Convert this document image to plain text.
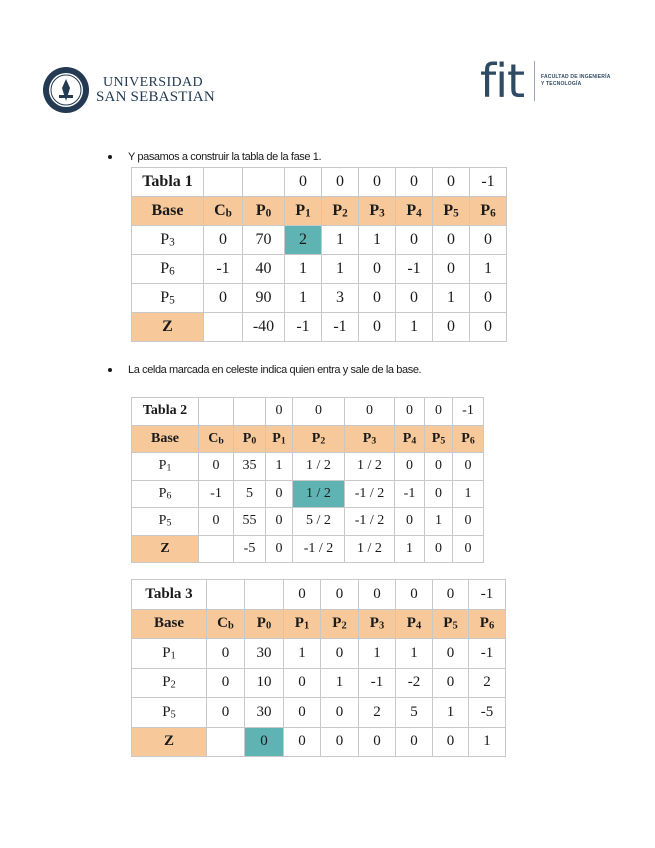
UNIVERSIDAD
SAN SEBASTIAN	fit	FACULTAD DE INGENIERÍA
Y TECNOLOGÍA
Y pasamos a construir la tabla de la fase 1.
Tabla 1			0	0	0	0	0	-1
Base	$C_b$	$P_0$	$P_1$	$P_2$	$P_3$	$P_4$	$P_5$	$P_6$
$P_3$	0	70	2	1	1	0	0	0
$P_6$	-1	40	1	1	0	-1	0	1
$P_5$	0	90	1	3	0	0	1	0
Z		-40	-1	-1	0	1	0	0
La celda marcada en celeste indica quien entra y sale de la base.
Tabla 2			0	0	0	0	0	-1
Base	$C_b$	$P_0$	$P_1$	$P_2$	$P_3$	$P_4$	$P_5$	$P_6$
$P_1$	0	35	1	1 / 2	1 / 2	0	0	0
$P_6$	-1	5	0	1 / 2	-1 / 2	-1	0	1
$P_5$	0	55	0	5 / 2	-1 / 2	0	1	0
Z		-5	0	-1 / 2	1 / 2	1	0	0
Tabla 3			0	0	0	0	0	-1
Base	$C_b$	$P_0$	$P_1$	$P_2$	$P_3$	$P_4$	$P_5$	$P_6$
$P_1$	0	30	1	0	1	1	0	-1
$P_2$	0	10	0	1	-1	-2	0	2
$P_5$	0	30	0	0	2	5	1	-5
Z		0	0	0	0	0	0	1
